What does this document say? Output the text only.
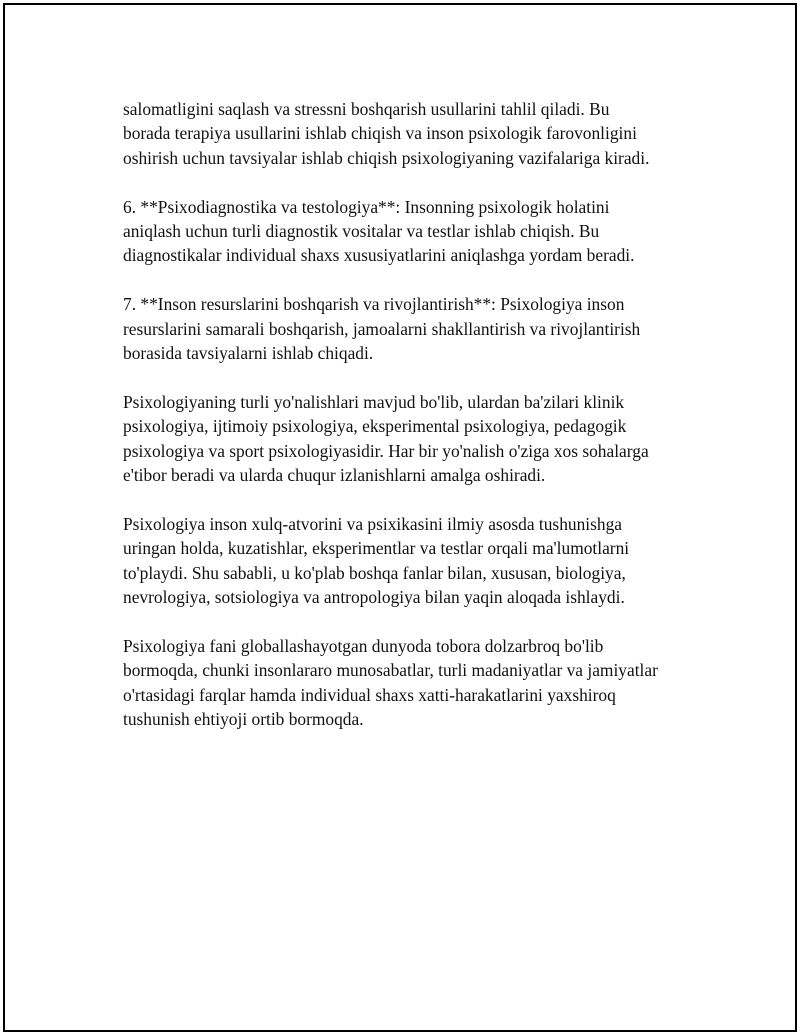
salomatligini saqlash va stressni boshqarish usullarini tahlil qiladi. Bu
borada terapiya usullarini ishlab chiqish va inson psixologik farovonligini
oshirish uchun tavsiyalar ishlab chiqish psixologiyaning vazifalariga kiradi.

6. **Psixodiagnostika va testologiya**: Insonning psixologik holatini
aniqlash uchun turli diagnostik vositalar va testlar ishlab chiqish. Bu
diagnostikalar individual shaxs xususiyatlarini aniqlashga yordam beradi.

7. **Inson resurslarini boshqarish va rivojlantirish**: Psixologiya inson
resurslarini samarali boshqarish, jamoalarni shakllantirish va rivojlantirish
borasida tavsiyalarni ishlab chiqadi.

Psixologiyaning turli yo'nalishlari mavjud bo'lib, ulardan ba'zilari klinik
psixologiya, ijtimoiy psixologiya, eksperimental psixologiya, pedagogik
psixologiya va sport psixologiyasidir. Har bir yo'nalish o'ziga xos sohalarga
e'tibor beradi va ularda chuqur izlanishlarni amalga oshiradi.

Psixologiya inson xulq-atvorini va psixikasini ilmiy asosda tushunishga
uringan holda, kuzatishlar, eksperimentlar va testlar orqali ma'lumotlarni
to'playdi. Shu sababli, u ko'plab boshqa fanlar bilan, xususan, biologiya,
nevrologiya, sotsiologiya va antropologiya bilan yaqin aloqada ishlaydi.

Psixologiya fani globallashayotgan dunyoda tobora dolzarbroq bo'lib
bormoqda, chunki insonlararo munosabatlar, turli madaniyatlar va jamiyatlar
o'rtasidagi farqlar hamda individual shaxs xatti-harakatlarini yaxshiroq
tushunish ehtiyoji ortib bormoqda.
